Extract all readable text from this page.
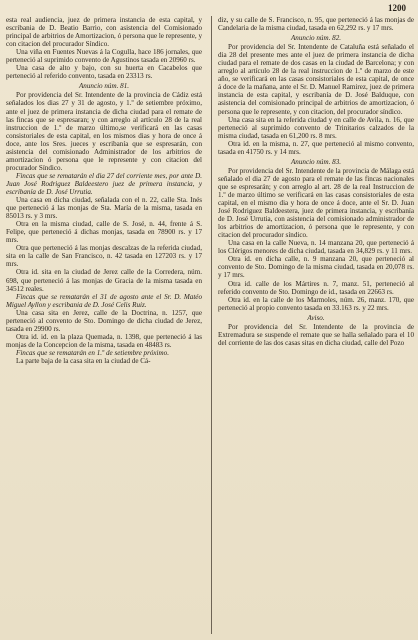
1200

esta real audiencia, juez de primera instancia de esta capital, y escribania de D. Beatio Barrio, con asistencia del Comisionado principal de arbitrios de Amortizacion, ó persona que le represente, y con citacion del procurador Síndico.

Una viña en Fuentes Nuevas á la Cogulla, hace 186 jornales, que perteneció al suprimido convento de Agustinos tasada en 20960 rs.

Una casa de alto y bajo, con su huerta en Cacabelos que perteneció al referido convento, tasada en 23313 rs.

Anuncio núm. 81.

Por providencia del Sr. Intendente de la provincia de Cádiz está señalados los dias 27 y 31 de agosto, y 1.º de setiembre próximo, ante el juez de primera instancia de dicha ciudad para el remate de las fincas que se espresaran; y con arreglo al artículo 28 de la real instruccion de 1.º de marzo último,se verificará en las casas consistoriales de esta capital, en los mismos dias y hora de once á doce, ante los Sres. jueces y escribanía que se espresarán, con asistencia del comisionado Administrador de los arbitrios de amortizacion ó persona que le represente y con citacion del procurador Síndico.

Fincas que se rematarán el dia 27 del corriente mes, por ante D. Juan José Rodriguez Baldeestero juez de primera instancia, y escribanía de D. José Urrutia.

Una casa en dicha ciudad, señalada con el n. 22, calle Sta. Inés que perteneció á las monjas de Sta. María de la misma, tasada en 85013 rs. y 3 mrs.

Otra en la misma ciudad, calle de S. José, n. 44, frente á S. Felipe, que perteneció á dichas monjas, tasada en 78900 rs. y 17 mrs.

Otra que perteneció á las monjas descalzas de la referida ciudad, sita en la calle de San Francisco, n. 42 tasada en 127203 rs. y 17 mrs.

Otra id. sita en la ciudad de Jerez calle de la Corredera, núm. 698, que perteneció á las monjas de Gracia de la misma tasada en 34512 reales.

Fincas que se rematarán el 31 de agosto ante el Sr. D. Matéo Miguel Ayllon y escribania de D. José Celis Ruiz.

Una casa sita en Jerez, calle de la Doctrina, n. 1257, que perteneció al convento de Sto. Domingo de dicha ciudad de Jerez, tasada en 29900 rs.

Otra id. id. en la plaza Quemada, n. 1398, que perteneció á las monjas de la Concepcion de la misma, tasada en 48483 rs.

Fincas que se rematarán en 1.º de setiembre próximo.

La parte baja de la casa sita en la ciudad de Cá-

diz, y su calle de S. Francisco, n. 95, que perteneció á las monjas de Candelaria de la misma ciudad, tasada en 62,292 rs. y 17 mrs.

Anuncio núm. 82.

Por providencia del Sr. Intendente de Cataluña está señalado el dia 28 del presente mes ante el juez de primera instancia de dicha ciudad para el remate de dos casas en la ciudad de Barcelona; y con arreglo al artículo 28 de la real instruccion de 1.º de marzo de este año, se verificará en las casas consistoriales de esta capital, de once á doce de la mañana, ante el Sr. D. Manuel Ramirez, juez de primera instancia de esta capital, y escribanía de D. José Balduque, con asistencia del comisionado principal de arbitrios de amortizacion, ó persona que le represente, y con citacion, del procurador síndico.

Una casa sita en la referida ciudad y en calle de Avila, n. 16, que perteneció al suprimido convento de Trinitarios calzados de la misma ciudad, tasada en 61,200 rs. 8 mrs.

Otra id. en la misma, n. 27, que perteneció al mismo convento, tasada en 41750 rs. y 14 mrs.

Anuncio núm. 83.

Por providencia del Sr. Intendente de la provincia de Málaga está señalado el dia 27 de agosto para el remate de las fincas nacionales que se espresarán; y con arreglo al art. 28 de la real Instruccion de 1.º de marzo último se verificará en las casas consistoriales de esta capital, en el mismo dia y hora de once á doce, ante el Sr. D. Juan José Rodriguez Baldeestera, juez de primera instancia, y escribanía de D. José Urrutia, con asistencia del comisionado administrador de los arbitrios de amortizacion, ó persona que le represente, y con citacion del procurador síndico.

Una casa en la calle Nueva, n. 14 manzana 20, que perteneció á los Clérigos menores de dicha ciudad, tasada en 34,829 rs. y 11 mrs.

Otra id. en dicha calle, n. 9 manzana 20, que perteneció al convento de Sto. Domingo de la misma ciudad, tasada en 20,078 rs. y 17 mrs.

Otra id. calle de los Mártires n. 7, manz. 51, perteneció al referido convento de Sto. Domingo de id., tasada en 22663 rs.

Otra id. en la calle de los Marmoles, núm. 26, manz. 170, que perteneció al propio convento tasada en 33.163 rs. y 22 mrs.

Aviso.

Por providencia del Sr. Intendente de la provincia de Extremadura se suspende el remate que se halla señalado para el 10 del corriente de las dos casas sitas en dicha ciudad, calle del Pozo
